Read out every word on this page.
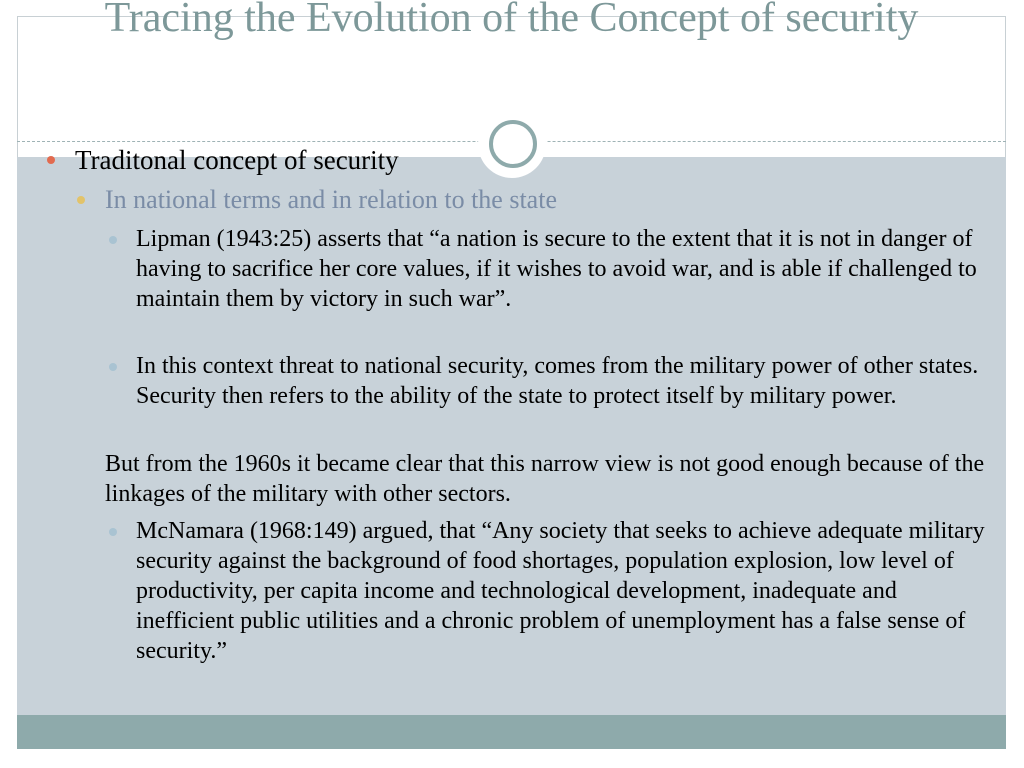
Tracing the Evolution of the Concept of security

Traditonal concept of security

In national terms and in relation to the state

Lipman (1943:25) asserts that “a nation is secure to the extent that it is not in danger of having to sacrifice her core values, if it wishes to avoid war, and is able if challenged to maintain them by victory in such war”.

In this context threat to national security, comes from the military power of other states. Security then refers to the ability of the state to protect itself by military power.

But from the 1960s it became clear that this narrow view is not good enough because of the linkages of the military with other sectors.

McNamara (1968:149) argued, that “Any society that seeks to achieve adequate military security against the background of food shortages, population explosion, low level of productivity, per capita income and technological development, inadequate and inefficient public utilities and a chronic problem of unemployment has a false sense of security.”
